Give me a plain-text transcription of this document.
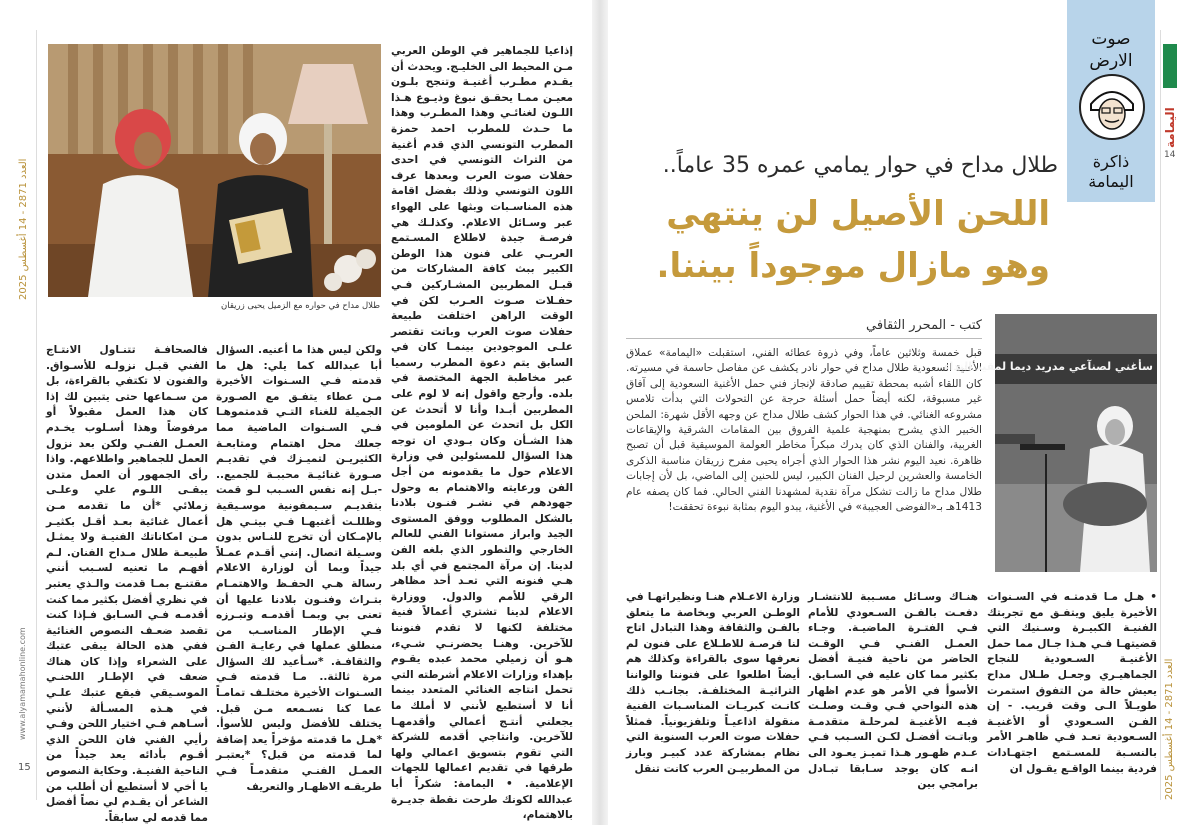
العدد 2871 - 14 أغسطس 2025
www.alyamamahonline.com
15
طلال مداح في حواره مع الزميل يحيى زريقان
إذاعيا للجماهير في الوطن العربي مـن المحيط الى الخليـج. ويحدث أن يقـدم مطـرب أغنيـة وتنجح بلـون معيـن ممـا يحقـق نبوغ وذيـوع هـذا اللـون لغنائـي وهذا المطـرب وهذا ما حـدث للمطرب احمد حمزة المطرب التونسي الذي قدم أغنية من التراث التونسي في احدى حفلات صوت العرب وبعدها عرف اللون التونسي وذلك بفضل اقامة هذه المناسـبات وبثها على الهواء عبر وسـائل الاعلام. وكذلـك هي فرصـة جيدة لاطلاع المسـتمع العربـي على فنون هذا الوطن الكبير ببث كافة المشاركات من قبـل المطربين المشـاركين فـي حفـلات صـوت العـرب لكن في الوقت الراهن اختلفت طبيعة حفلات صوت العرب وباتت تقتصر علـى الموجودين بينمـا كان في السابق يتم دعوة المطرب رسميا عبر مخاطبة الجهة المختصة في بلده. وأرجع واقول إنه لا لوم على المطربين أبـدا وأنا لا أتحدث عن الكل بل اتحدث عن الملومين في هذا الشـأن وكان بـودي ان توجه هذا السؤال للمسئولين في وزارة الاعلام حول ما يقدمونه من أجل الفن ورعايته والاهتمام به وحول جهودهم في نشـر فنـون بلادنا بالشكل المطلوب ووفق المستوى الجيد وابراز مستوانا الفني للعالم الخارجي والتطور الذي بلغه الفن لدينا. إن مرآة المجتمع في أي بلد هـي فنونه التي تعـد أحد مظاهر الرقي للأمم والدول. ووزارة الاعلام لدينا تشتري أعمالاً فنية مختلفة لكنها لا تقدم فنوننا للآخرين. وهنـا يحضرنـي شـيء، هـو أن زميلي محمد عبده يقـوم بإهداء وزارات الاعلام أشرطته التي تحمل انتاجه الغنائي المتعدد بينما أنا لا أستطيع لأنني لا أملك ما يجعلني أنتـج أعمالي وأقدمهـا للآخرين. وانتاجي أقدمه للشركة التي تقوم بتسويق اعمالي ولها طرقها في تقديم اعمالها للجهات الإعلامية. • اليمامة: شكراً أبا عبدالله لكونك طرحت نقطة جديـرة بالاهتمام،
ولكن ليس هذا ما أعنيه. السؤال أبا عبدالله كما يلي: هل ما قدمته فـي السـنوات الأخيرة مـن عطاء يتفـق مع الصـورة الجميلة للغناء التـي قدمتموهـا فـي السـنوات الماضية مما جعلك محل اهتمام ومتابعـة الكثيريـن لتميـزك في تقديـم صـورة غنائيـة محببـة للجميع.. -بـل إنه نفس السـبب لـو قمت بتقديـم سـيمفونية موسـيقية وظللـت أغنيهـا فـي بيتـي هل بالإمـكان أن تخرج للنـاس بدون وسـيلة اتصال. إنني أقـدم عمـلاً جيداً وبما أن لوزارة الاعلام رسالة هـي الحفـظ والاهتمـام بتـراث وفنـون بلادنا عليها أن تعنى بي وبمـا أقدمـه وتبـرزه فـي الإطار المناسـب من منطلق عملها في رعايـة الفـن والثقافـة. *سـأعيد لك السؤال مرة ثالثة.. مـا قدمته فـي السـنوات الأخيرة مختلـف تمامـاً عما كنا نسـمعه مـن قبل. يختلف للأفضل وليس للأسوأ. *هـل ما قدمته مؤخراً يعد إضافة لما قدمته من قبل؟ *يعتبـر العمـل الفنـي متقدمـاً فـي طريقـه الاظهـار والتعريف
فالصحافـة تتنـاول الانتـاج الفني قبـل نزولـه للأسـواق. والفنون لا تكتفي بالقراءة، بل من سـماعها حتى يتبين لك إذا كان هذا العمل مقبولاً أو مرفوضاً وهذا أسـلوب يخـدم العمـل الفنـي ولكن بعد نزول العمل للجماهير واطلاعهم. واذا رأى الجمهور أن العمل متدن يبقـى اللـوم علي وعلـى زملائي *أن ما تقدمه مـن أعمال غنائية بعـد أقـل بكثيـر مـن امكاناتك الفنيـة ولا يمثـل طبيعـة طلال مـداح الفنان. لـم أفهـم ما تعنيه لسـبب أنني مقتنـع بمـا قدمت والـذي يعتبر في نظري أفضل بكثير مما كنت أقدمـه فـي السـابق فـإذا كنت تقصد ضعـف النصوص الغنائية ففي هذه الحالة يبقى عتبك على الشعراء وإذا كان هناك ضعف في الإطـار اللحنـي الموسـيقي فيقع عتبك علـي في هـذه المسـألة لأنني أسـاهم فـي اختيار اللحن وفـي رأيي الفني فان اللحن الذي أقـوم بأدائه يعد جيداً من الناحية الفنيـة. وحكاية النصوص يا أخي لا أستطيع أن أطلب من الشاعر أن يقـدم لي نصاً أفضل مما قدمه لي سابقاً.
اليمامة
14
العدد 2871 - 14 أغسطس 2025
صوت الارض
ذاكرة اليمامة
طلال مداح في حوار يمامي عمره 35 عاماً..
اللحن الأصيل لن ينتهي وهو مازال موجوداً بيننا.
كتب - المحرر الثقافي
قبل خمسة وثلاثين عاماً، وفي ذروة عطائه الفني، استقبلت «اليمامة» عملاق الأغنية السعودية طلال مداح في حوار نادر يكشف عن مفاصل حاسمة في مسيرته. كان اللقاء أشبه بمحطة تقييم صادقة لإنجاز فني حمل الأغنية السعودية إلى آفاق غير مسبوقة، لكنه أيضاً حمل أسئلة حرجة عن التحولات التي بدأت تلامس مشروعه الغنائي. في هذا الحوار كشف طلال مداح عن وجهه الأقل شهرة: الملحن الخبير الذي يشرح بمنهجية علمية الفروق بين المقامات الشرقية والإيقاعات الغربية، والفنان الذي كان يدرك مبكراً مخاطر العولمة الموسيقية قبل أن تصبح ظاهرة. نعيد اليوم نشر هذا الحوار الذي أجراه يحيى مفرح زريقان مناسبة الذكرى الخامسة والعشرين لرحيل الفنان الكبير، ليس للحنين إلى الماضي، بل لأن إجابات طلال مداح ما زالت تشكل مرآة نقدية لمشهدنا الفني الحالي. فما كان يصفه عام 1413هـ بـ«الفوضى العجيبة» في الأغنية، يبدو اليوم بمثابة نبوءة تحققت!
سأغني لصنآعي مدريد ديما لمقيد النداء
• هـل مـا قدمتـه في السـنوات الأخيرة يليق ويتفـق مع تجربتك الفنيـة الكبيـرة وسـنيك التي قضيتهـا فـي هـذا جـال مما حمل الأغنيـة السـعودية للنجاح الجماهيـري وجعـل طـلال مداح يعيش حالة من التفوق استمرت طويـلاً الـى وقت قريب. - إن الفـن السـعودي أو الأغنيـة السـعودية تعـد فـي ظاهـر الأمر بالنسـبة للمسـتمع اجتهـادات فردية بينما الواقـع يقـول ان
هنـاك وسـائل مسـببة للانتشـار دفعـت بالفـن السـعودي للأمام فـي الفتـرة الماضيـة. وجـاء العمـل الفنـي فـي الوقـت الحاضر من ناحية فنيـة أفضل بكثير مما كان عليه في السـابق. الأسوأ في الأمر هو عدم اظهار هذه النواحي فـي وقـت وصلـت فيـه الأغنيـة لمرحلـة متقدمـة وباتـت أفضـل لكـن السـبب فـي عـدم ظهـور هـذا تميـز يعـود الى انـه كان يوجد سـابقا تبـادل برامجي بين
وزارة الاعـلام هنـا ونظيراتهـا في الوطـن العربي وبخاصة ما يتعلق بالفـن والثقافة وهذا التبادل اتاح لنا فرصـة للاطـلاع على فنون لم نعرفها سوى بالقراءة وكذلك هم أيضاً اطلعوا على فنوننا والواننا التراثيـة المختلفـة. بجانـب ذلك كانـت كبريـات المناسـبات الفنية منقولة اذاعيـاً وتلفزيونياً. فمثلاً حفلات صوت العرب السنوية التي نظام بمشاركة عدد كبيـر وبارز من المطربيـن العرب كانت تنقل
